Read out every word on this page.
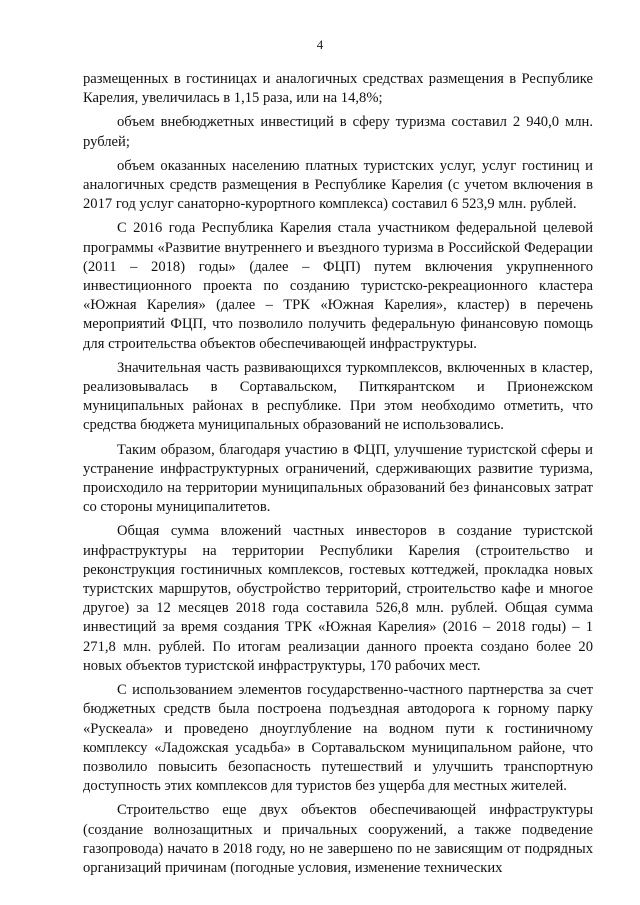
4

размещенных в гостиницах и аналогичных средствах размещения в Республике Карелия, увеличилась в 1,15 раза, или на 14,8%;

объем внебюджетных инвестиций в сферу туризма составил 2 940,0 млн. рублей;

объем оказанных населению платных туристских услуг, услуг гостиниц и аналогичных средств размещения в Республике Карелия (с учетом включения в 2017 год услуг санаторно-курортного комплекса) составил 6 523,9 млн. рублей.

С 2016 года Республика Карелия стала участником федеральной целевой программы «Развитие внутреннего и въездного туризма в Российской Федерации (2011 – 2018) годы» (далее – ФЦП) путем включения укрупненного инвестиционного проекта по созданию туристско-рекреационного кластера «Южная Карелия» (далее – ТРК «Южная Карелия», кластер) в перечень мероприятий ФЦП, что позволило получить федеральную финансовую помощь для строительства объектов обеспечивающей инфраструктуры.

Значительная часть развивающихся туркомплексов, включенных в кластер, реализовывалась в Сортавальском, Питкярантском и Прионежском муниципальных районах в республике. При этом необходимо отметить, что средства бюджета муниципальных образований не использовались.

Таким образом, благодаря участию в ФЦП, улучшение туристской сферы и устранение инфраструктурных ограничений, сдерживающих развитие туризма, происходило на территории муниципальных образований без финансовых затрат со стороны муниципалитетов.

Общая сумма вложений частных инвесторов в создание туристской инфраструктуры на территории Республики Карелия (строительство и реконструкция гостиничных комплексов, гостевых коттеджей, прокладка новых туристских маршрутов, обустройство территорий, строительство кафе и многое другое) за 12 месяцев 2018 года составила 526,8 млн. рублей. Общая сумма инвестиций за время создания ТРК «Южная Карелия» (2016 – 2018 годы) – 1 271,8 млн. рублей. По итогам реализации данного проекта создано более 20 новых объектов туристской инфраструктуры, 170 рабочих мест.

С использованием элементов государственно-частного партнерства за счет бюджетных средств была построена подъездная автодорога к горному парку «Рускеала» и проведено дноуглубление на водном пути к гостиничному комплексу «Ладожская усадьба» в Сортавальском муниципальном районе, что позволило повысить безопасность путешествий и улучшить транспортную доступность этих комплексов для туристов без ущерба для местных жителей.

Строительство еще двух объектов обеспечивающей инфраструктуры (создание волнозащитных и причальных сооружений, а также подведение газопровода) начато в 2018 году, но не завершено по не зависящим от подрядных организаций причинам (погодные условия, изменение технических
